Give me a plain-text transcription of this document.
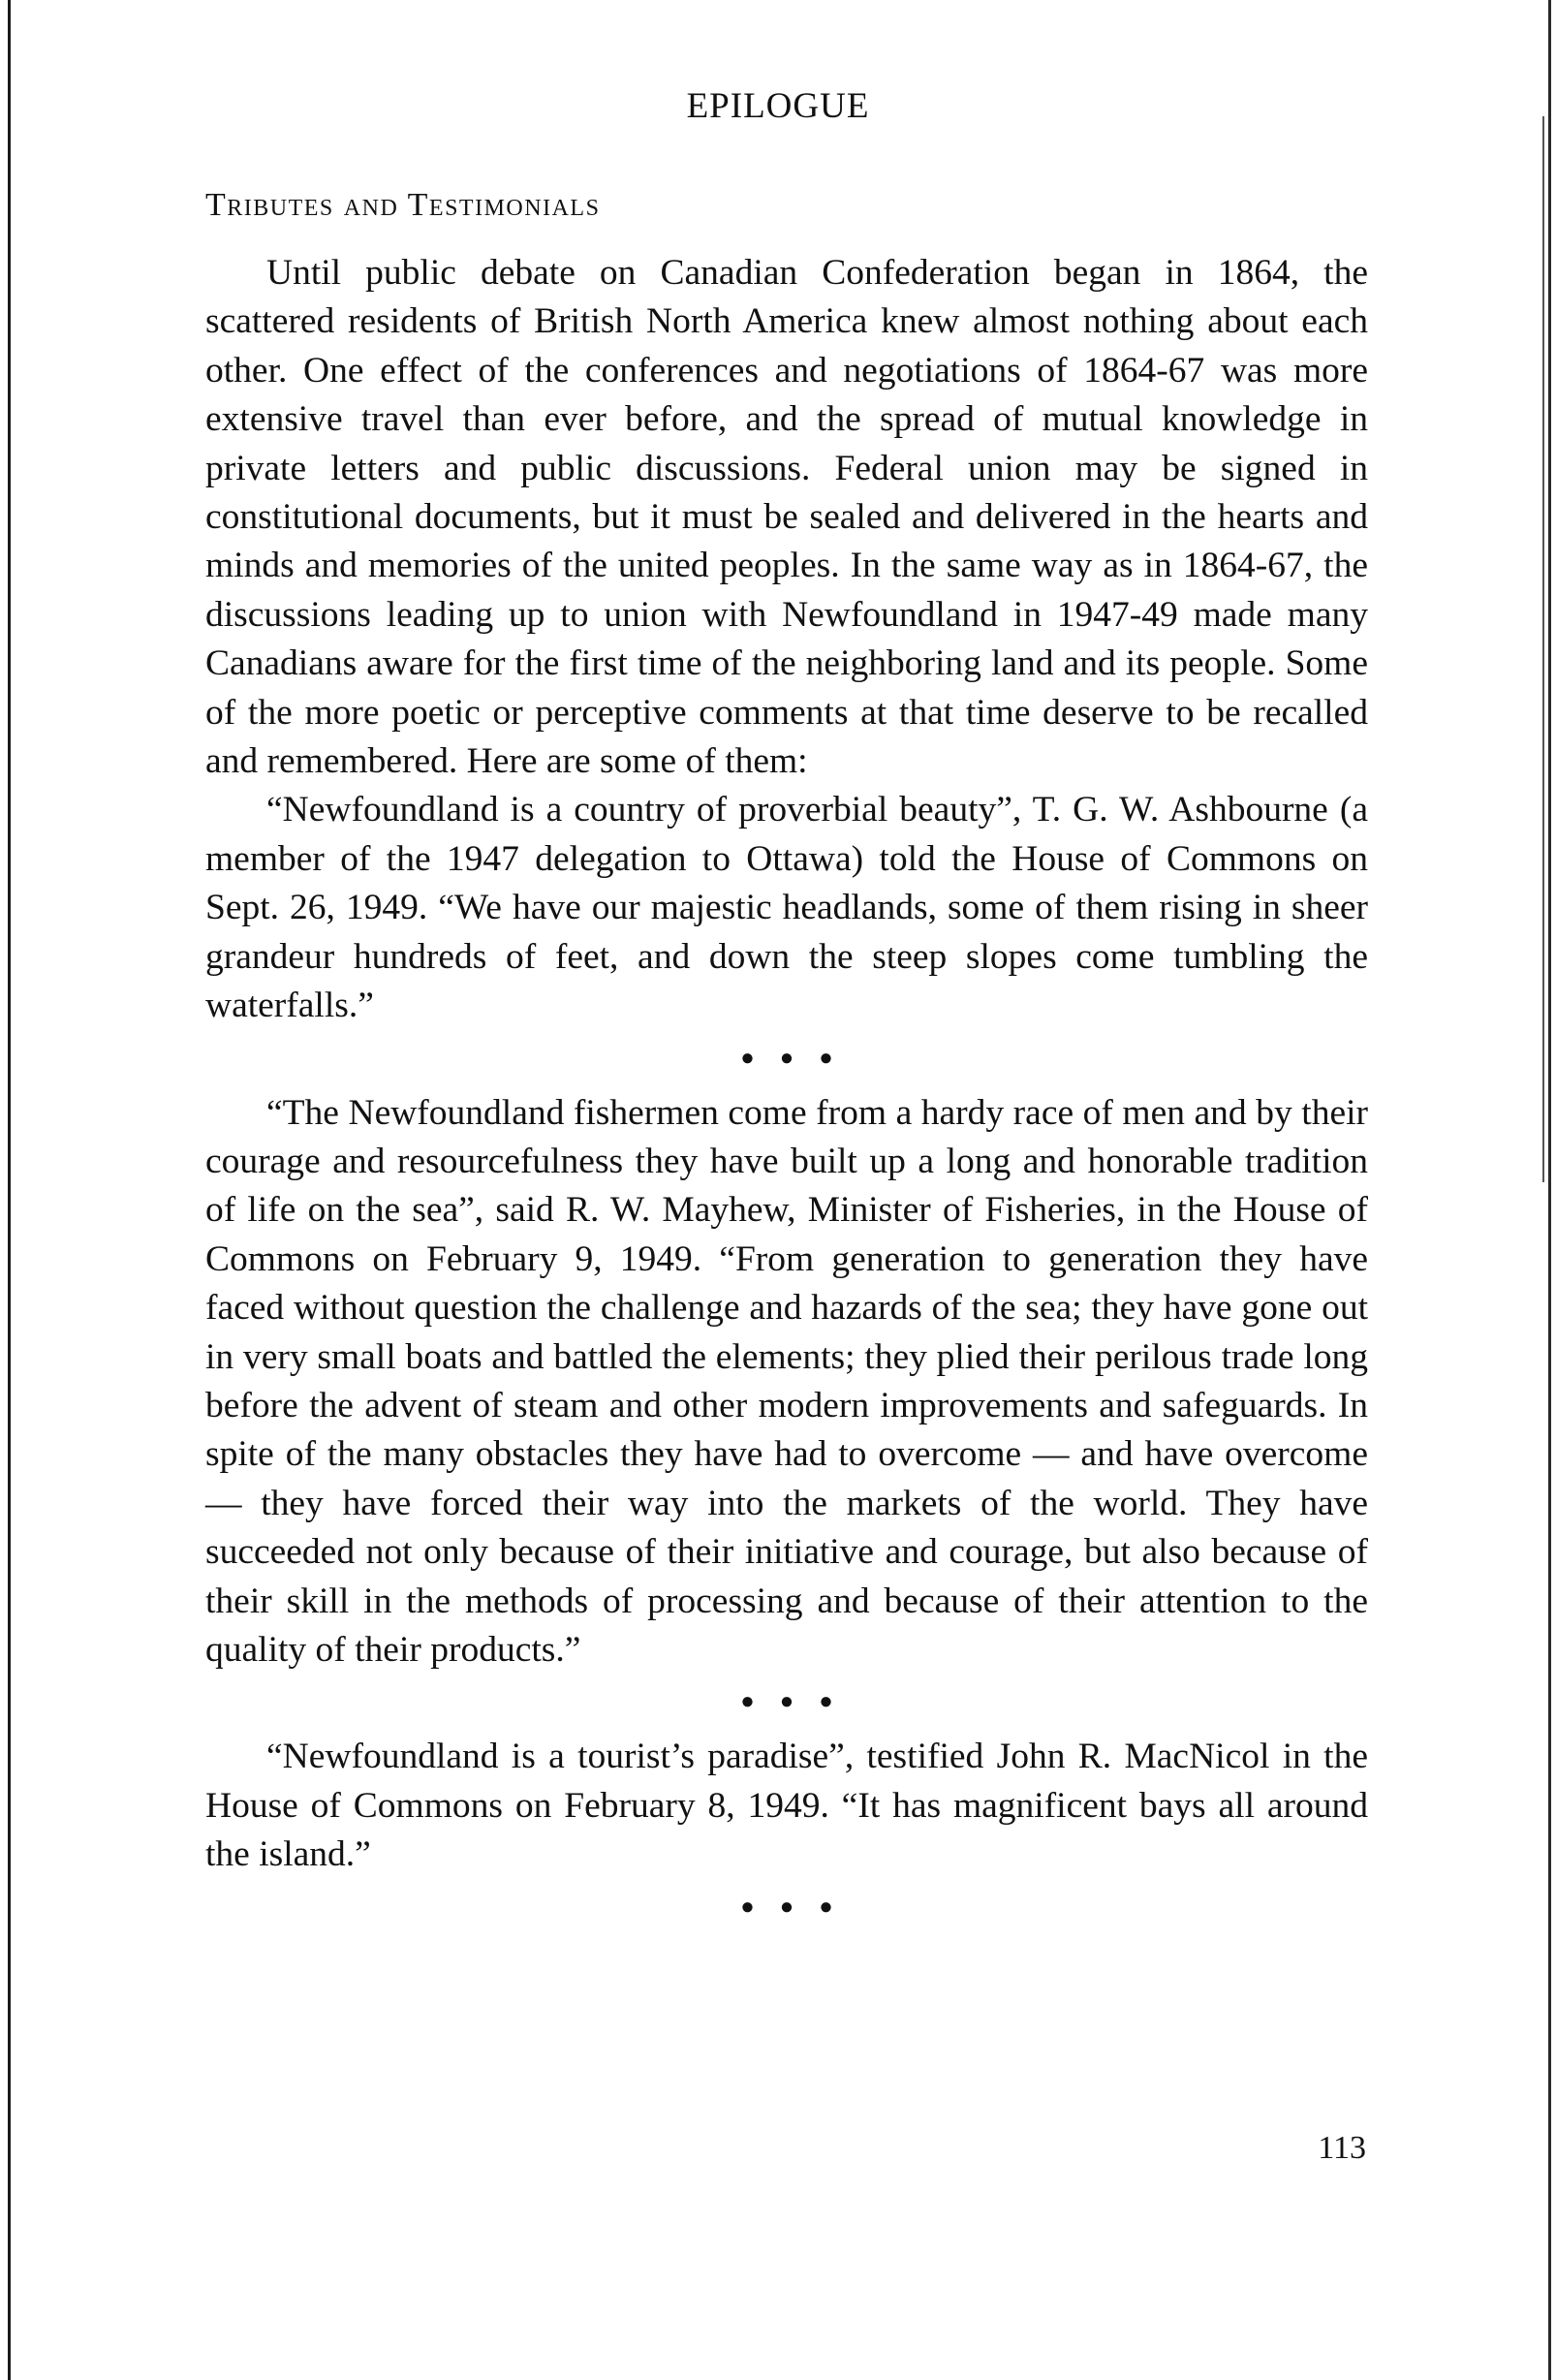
EPILOGUE
Tributes and Testimonials

Until public debate on Canadian Confederation began in 1864, the scattered residents of British North America knew almost nothing about each other. One effect of the conferences and negotiations of 1864-67 was more extensive travel than ever before, and the spread of mutual knowledge in private letters and public discussions. Federal union may be signed in constitutional documents, but it must be sealed and delivered in the hearts and minds and memories of the united peoples. In the same way as in 1864-67, the discussions leading up to union with Newfoundland in 1947-49 made many Canadians aware for the first time of the neighboring land and its people. Some of the more poetic or perceptive comments at that time deserve to be recalled and remembered. Here are some of them:

“Newfoundland is a country of proverbial beauty”, T. G. W. Ashbourne (a member of the 1947 delegation to Ottawa) told the House of Commons on Sept. 26, 1949. “We have our majestic headlands, some of them rising in sheer grandeur hundreds of feet, and down the steep slopes come tumbling the waterfalls.”

●●●

“The Newfoundland fishermen come from a hardy race of men and by their courage and resourcefulness they have built up a long and honorable tradition of life on the sea”, said R. W. Mayhew, Minister of Fisheries, in the House of Commons on February 9, 1949. “From generation to generation they have faced without question the challenge and hazards of the sea; they have gone out in very small boats and battled the elements; they plied their perilous trade long before the advent of steam and other modern improvements and safeguards. In spite of the many obstacles they have had to overcome — and have overcome — they have forced their way into the markets of the world. They have succeeded not only because of their initiative and courage, but also because of their skill in the methods of processing and because of their attention to the quality of their products.”

●●●

“Newfoundland is a tourist’s paradise”, testified John R. MacNicol in the House of Commons on February 8, 1949. “It has magnificent bays all around the island.”

●●●
113
